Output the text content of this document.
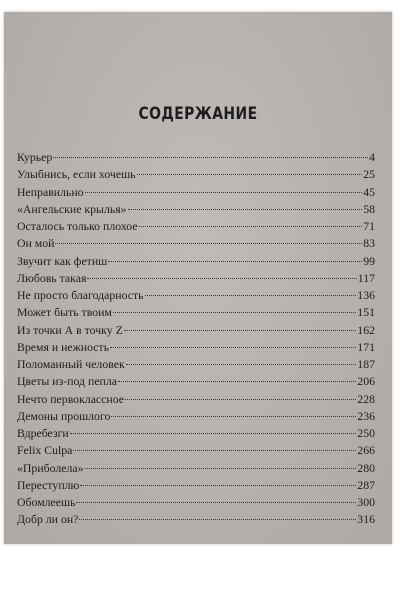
СОДЕРЖАНИЕ
Курьер	4
Улыбнись, если хочешь	25
Неправильно	45
«Ангельские крылья»	58
Осталось только плохое	71
Он мой	83
Звучит как фетиш	99
Любовь такая	117
Не просто благодарность	136
Может быть твоим	151
Из точки А в точку Z	162
Время и нежность	171
Поломанный человек	187
Цветы из-под пепла	206
Нечто первоклассное	228
Демоны прошлого	236
Вдребезги	250
Felix Culpa	266
«Приболела»	280
Переступлю	287
Обомлеешь	300
Добр ли он?	316
